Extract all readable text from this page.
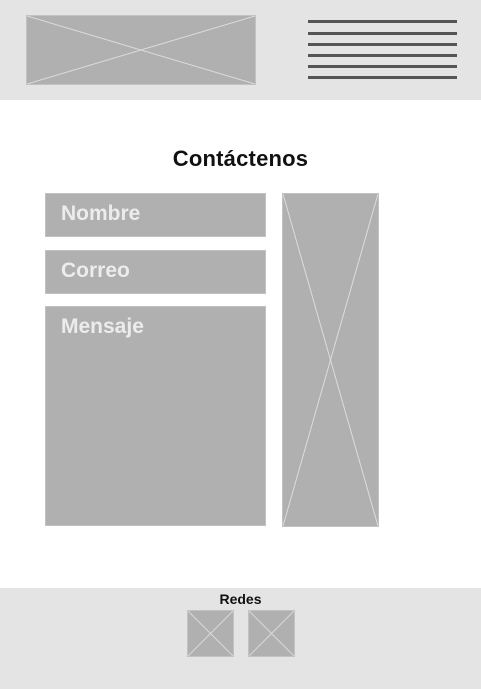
Contáctenos
Nombre
Correo
Mensaje
Redes
